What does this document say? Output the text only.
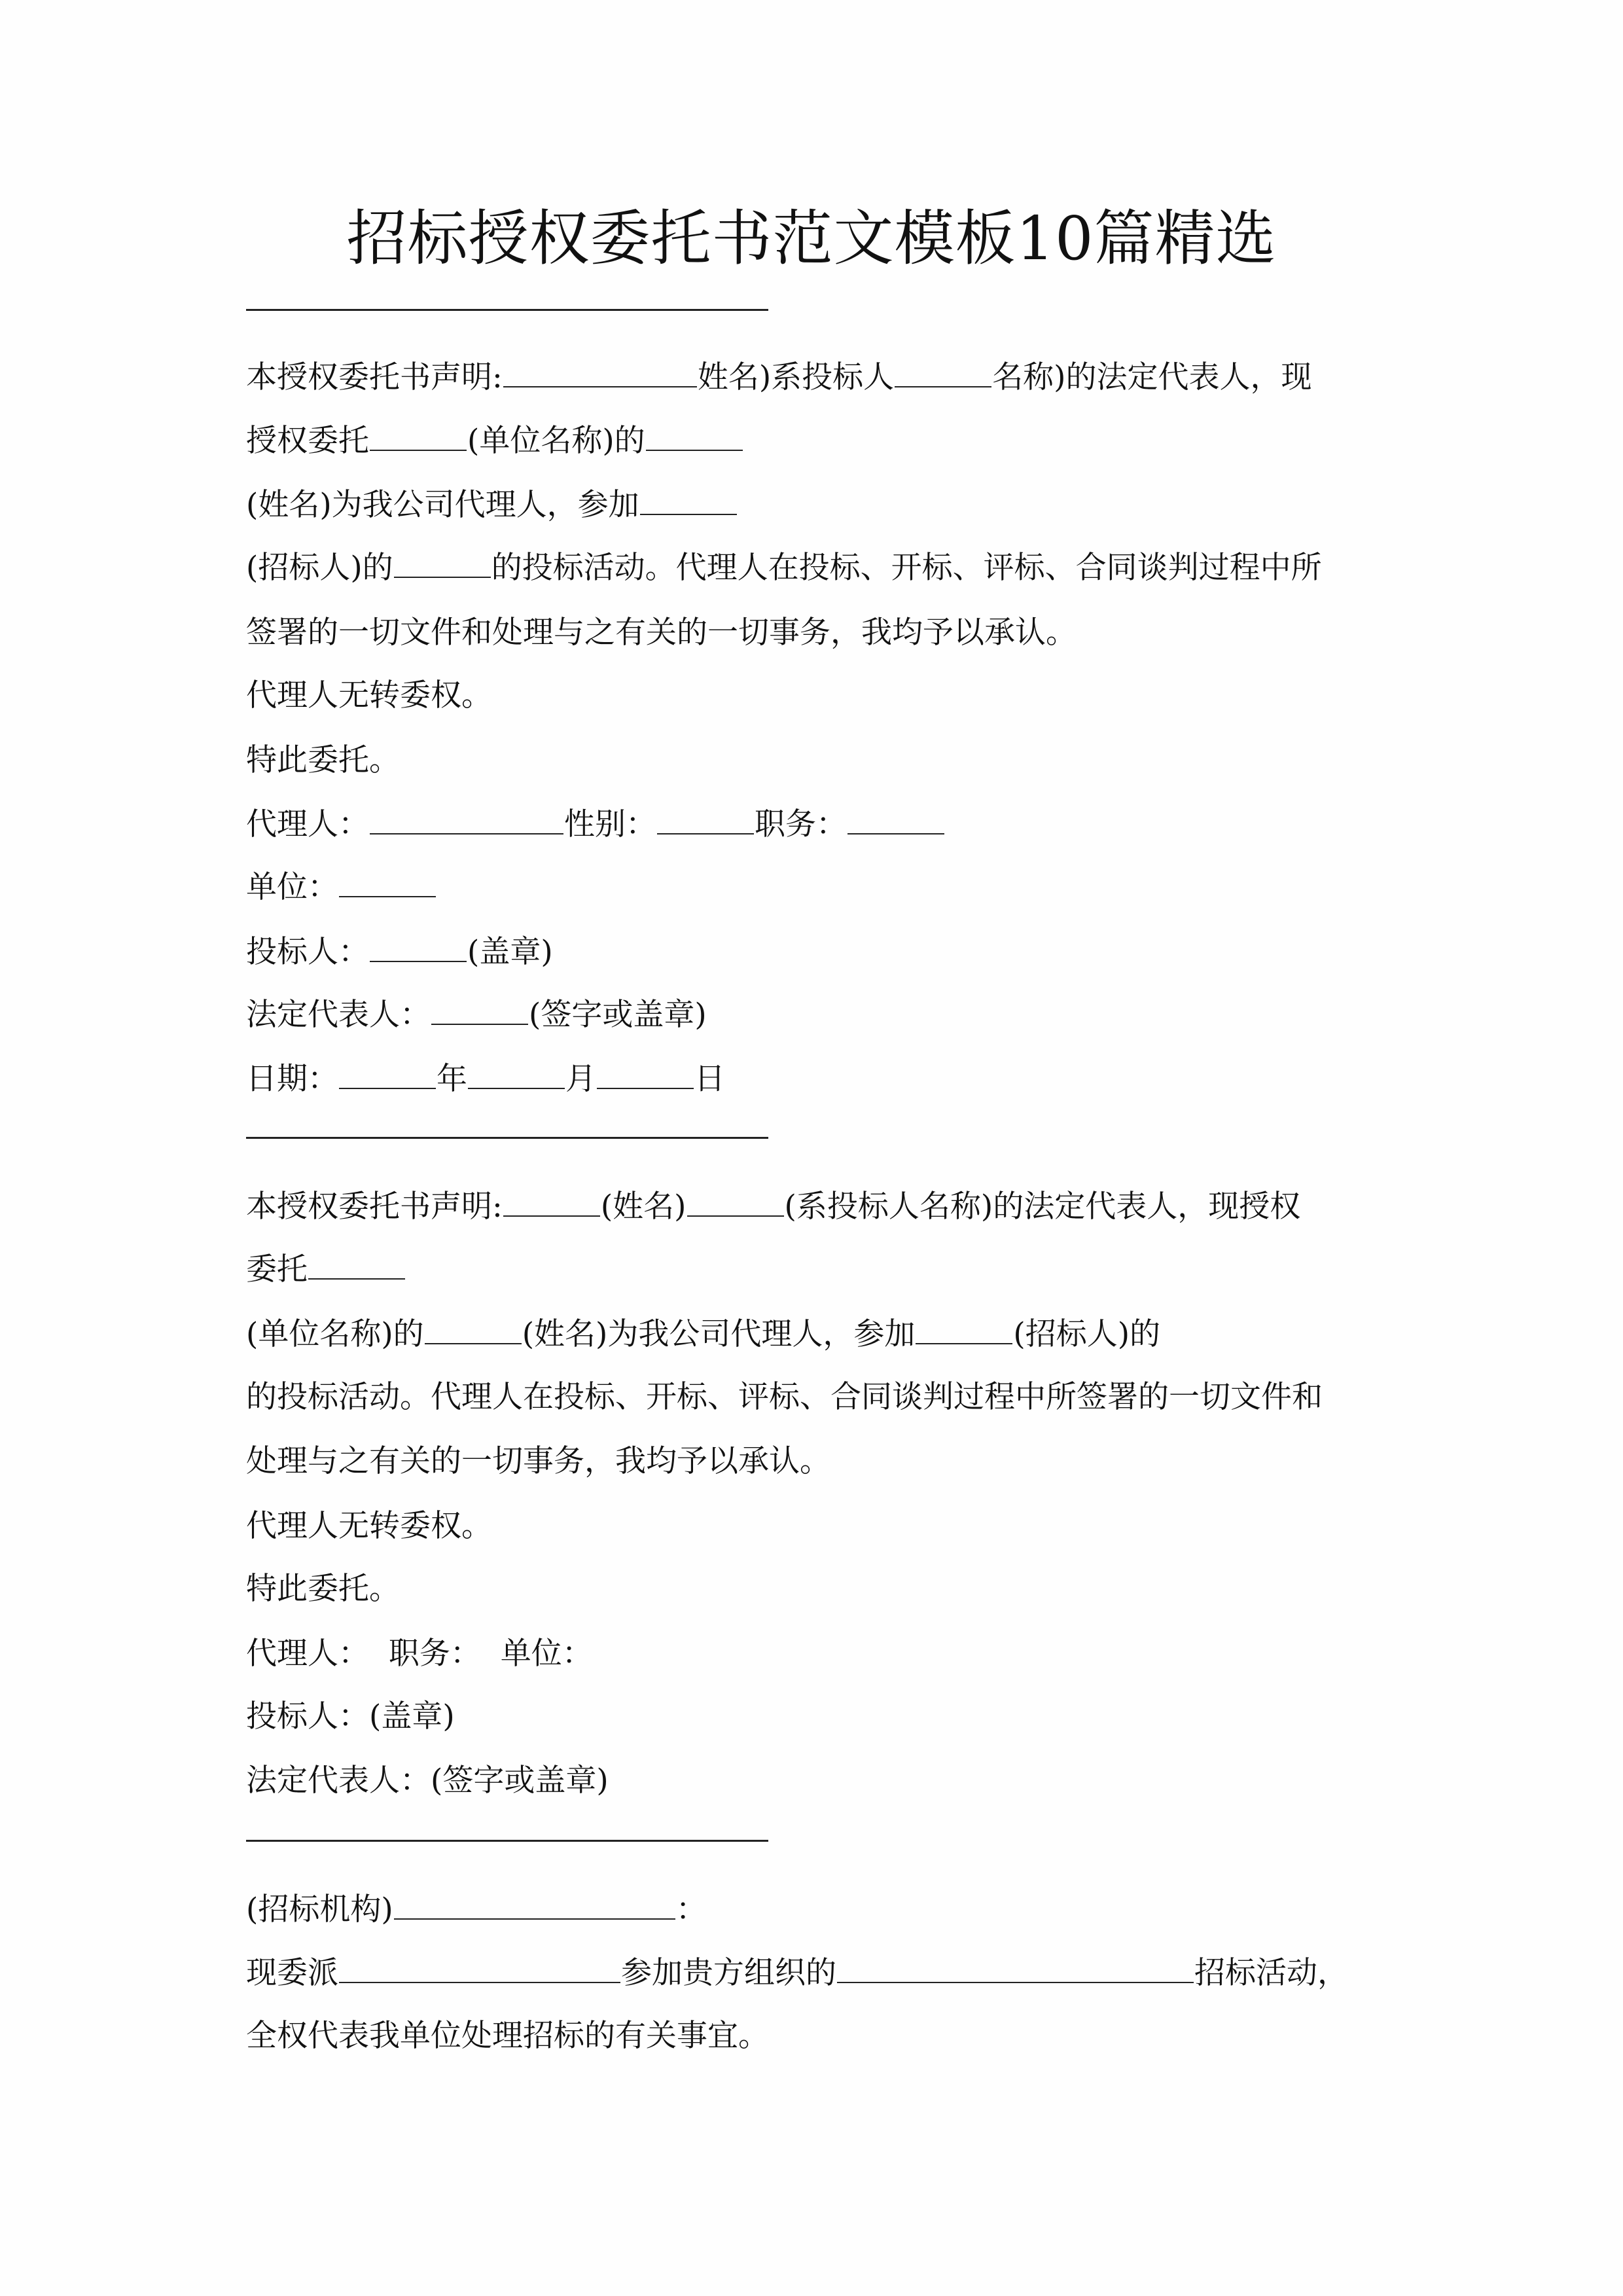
招标授权委托书范文模板10篇精选
本授权委托书声明:	姓名)系投标人	名称)的法定代表人，现
授权委托	(单位名称)的
(姓名)为我公司代理人，参加
(招标人)的	的投标活动。代理人在投标、开标、评标、合同谈判过程中所
签署的一切文件和处理与之有关的一切事务，我均予以承认。
代理人无转委权。
特此委托。
代理人：	性别：	职务：
单位：
投标人：	(盖章)
法定代表人：	(签字或盖章)
日期：	年	月	日
本授权委托书声明:	(姓名)	(系投标人名称)的法定代表人，现授权
委托
(单位名称)的	(姓名)为我公司代理人，参加	(招标人)的
的投标活动。代理人在投标、开标、评标、合同谈判过程中所签署的一切文件和
处理与之有关的一切事务，我均予以承认。
代理人无转委权。
特此委托。
代理人：  职务：  单位：
投标人：(盖章)
法定代表人：(签字或盖章)
(招标机构)	：
现委派	参加贵方组织的	招标活动，
全权代表我单位处理招标的有关事宜。
